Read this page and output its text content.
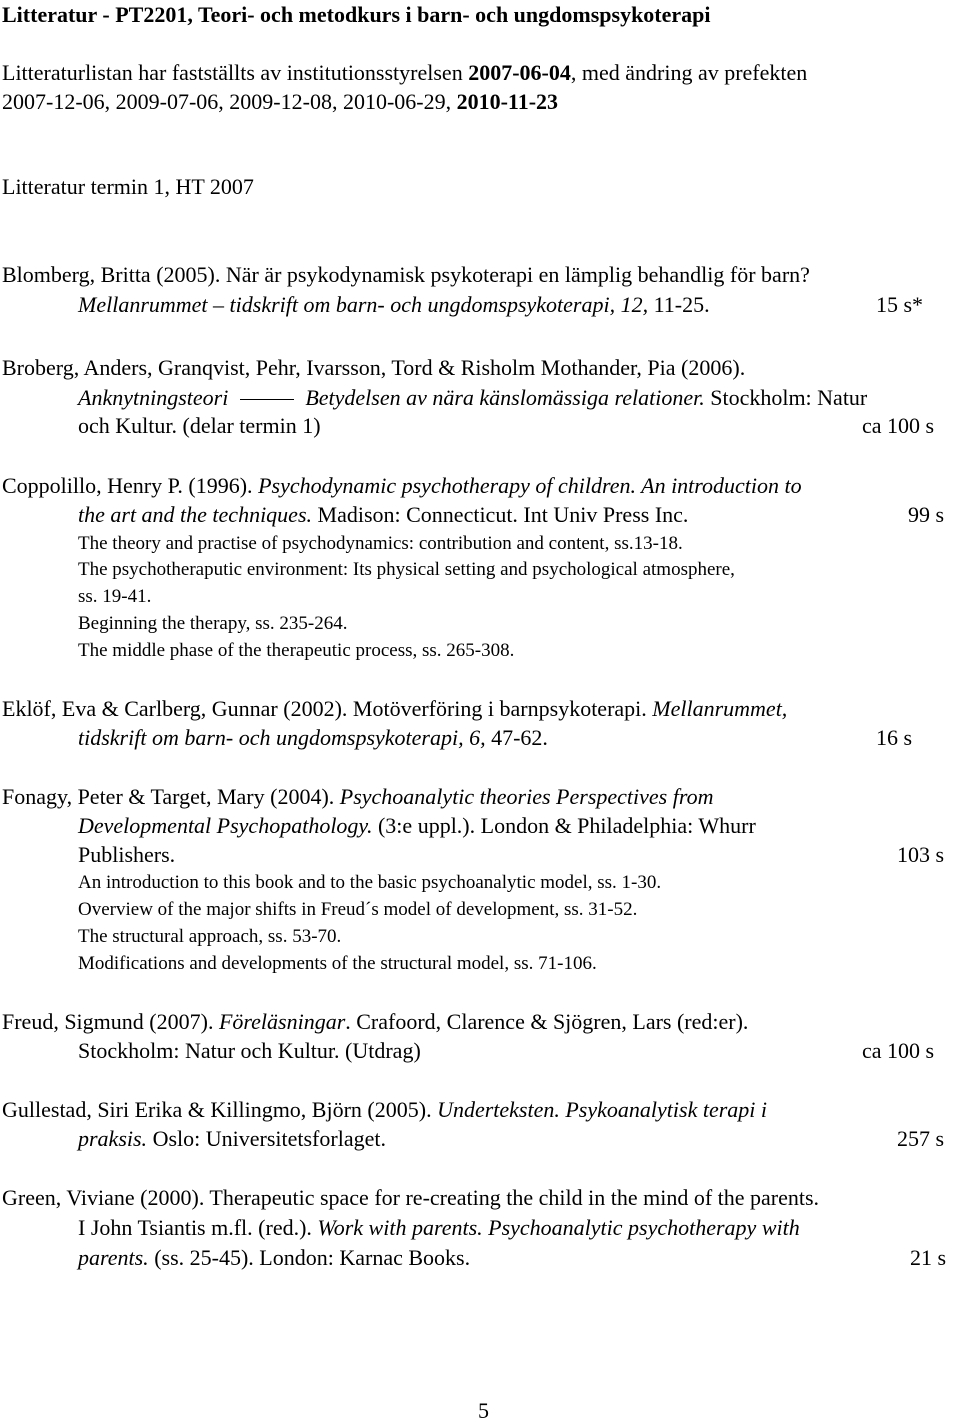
Litteratur - PT2201, Teori- och metodkurs i barn- och ungdomspsykoterapi
Litteraturlistan har fastställts av institutionsstyrelsen 2007-06-04, med ändring av prefekten
2007-12-06, 2009-07-06, 2009-12-08, 2010-06-29, 2010-11-23
Litteratur termin 1, HT 2007
Blomberg, Britta (2005). När är psykodynamisk psykoterapi en lämplig behandlig för barn?
Mellanrummet – tidskrift om barn- och ungdomspsykoterapi, 12, 11-25.	15 s*
Broberg, Anders, Granqvist, Pehr, Ivarsson, Tord & Risholm Mothander, Pia (2006).
Anknytningsteori	Betydelsen av nära känslomässiga relationer. Stockholm: Natur
och Kultur. (delar termin 1)	ca 100 s
Coppolillo, Henry P. (1996). Psychodynamic psychotherapy of children. An introduction to
the art and the techniques. Madison: Connecticut. Int Univ Press Inc.	99 s
The theory and practise of psychodynamics: contribution and content, ss.13-18.
The psychotheraputic environment: Its physical setting and psychological atmosphere,
ss. 19-41.
Beginning the therapy, ss. 235-264.
The middle phase of the therapeutic process, ss. 265-308.
Eklöf, Eva & Carlberg, Gunnar (2002). Motöverföring i barnpsykoterapi. Mellanrummet,
tidskrift om barn- och ungdomspsykoterapi, 6, 47-62.	16 s
Fonagy, Peter & Target, Mary (2004). Psychoanalytic theories Perspectives from
Developmental Psychopathology. (3:e uppl.). London & Philadelphia: Whurr
Publishers.	103 s
An introduction to this book and to the basic psychoanalytic model, ss. 1-30.
Overview of the major shifts in Freud´s model of development, ss. 31-52.
The structural approach, ss. 53-70.
Modifications and developments of the structural model, ss. 71-106.
Freud, Sigmund (2007). Föreläsningar. Crafoord, Clarence & Sjögren, Lars (red:er).
Stockholm: Natur och Kultur. (Utdrag)	ca 100 s
Gullestad, Siri Erika & Killingmo, Björn (2005). Underteksten. Psykoanalytisk terapi i
praksis. Oslo: Universitetsforlaget.	257 s
Green, Viviane (2000). Therapeutic space for re-creating the child in the mind of the parents.
I John Tsiantis m.fl. (red.). Work with parents. Psychoanalytic psychotherapy with
parents. (ss. 25-45). London: Karnac Books.	21 s
5
